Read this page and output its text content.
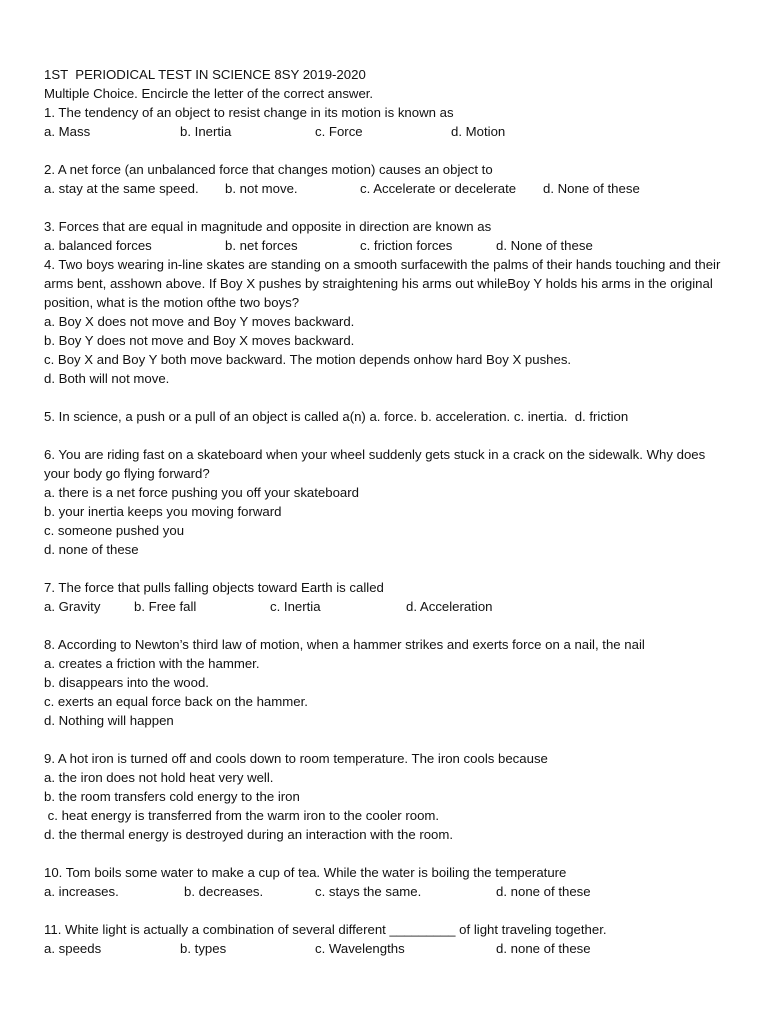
1ST  PERIODICAL TEST IN SCIENCE 8SY 2019-2020
Multiple Choice. Encircle the letter of the correct answer.
1. The tendency of an object to resist change in its motion is known as
a. Mass	b. Inertia	c. Force	d. Motion
2. A net force (an unbalanced force that changes motion) causes an object to
a. stay at the same speed.	b. not move.	c. Accelerate or decelerate	d. None of these
3. Forces that are equal in magnitude and opposite in direction are known as
a. balanced forces	b. net forces	c. friction forces	d. None of these
4. Two boys wearing in-line skates are standing on a smooth surfacewith the palms of their hands touching and their arms bent, asshown above. If Boy X pushes by straightening his arms out whileBoy Y holds his arms in the original position, what is the motion ofthe two boys?
a. Boy X does not move and Boy Y moves backward.
b. Boy Y does not move and Boy X moves backward.
c. Boy X and Boy Y both move backward. The motion depends onhow hard Boy X pushes.
d. Both will not move.
5. In science, a push or a pull of an object is called a(n) a. force. b. acceleration. c. inertia.  d. friction
6. You are riding fast on a skateboard when your wheel suddenly gets stuck in a crack on the sidewalk. Why does your body go flying forward?
a. there is a net force pushing you off your skateboard
b. your inertia keeps you moving forward
c. someone pushed you
d. none of these
7. The force that pulls falling objects toward Earth is called
a. Gravity	b. Free fall	c. Inertia	d. Acceleration
8. According to Newton’s third law of motion, when a hammer strikes and exerts force on a nail, the nail
a. creates a friction with the hammer.
b. disappears into the wood.
c. exerts an equal force back on the hammer.
d. Nothing will happen
9. A hot iron is turned off and cools down to room temperature. The iron cools because
a. the iron does not hold heat very well.
b. the room transfers cold energy to the iron
c. heat energy is transferred from the warm iron to the cooler room.
d. the thermal energy is destroyed during an interaction with the room.
10. Tom boils some water to make a cup of tea. While the water is boiling the temperature
a. increases.	b. decreases.	c. stays the same.	d. none of these
11. White light is actually a combination of several different _________ of light traveling together.
a. speeds	b. types	c. Wavelengths	d. none of these
